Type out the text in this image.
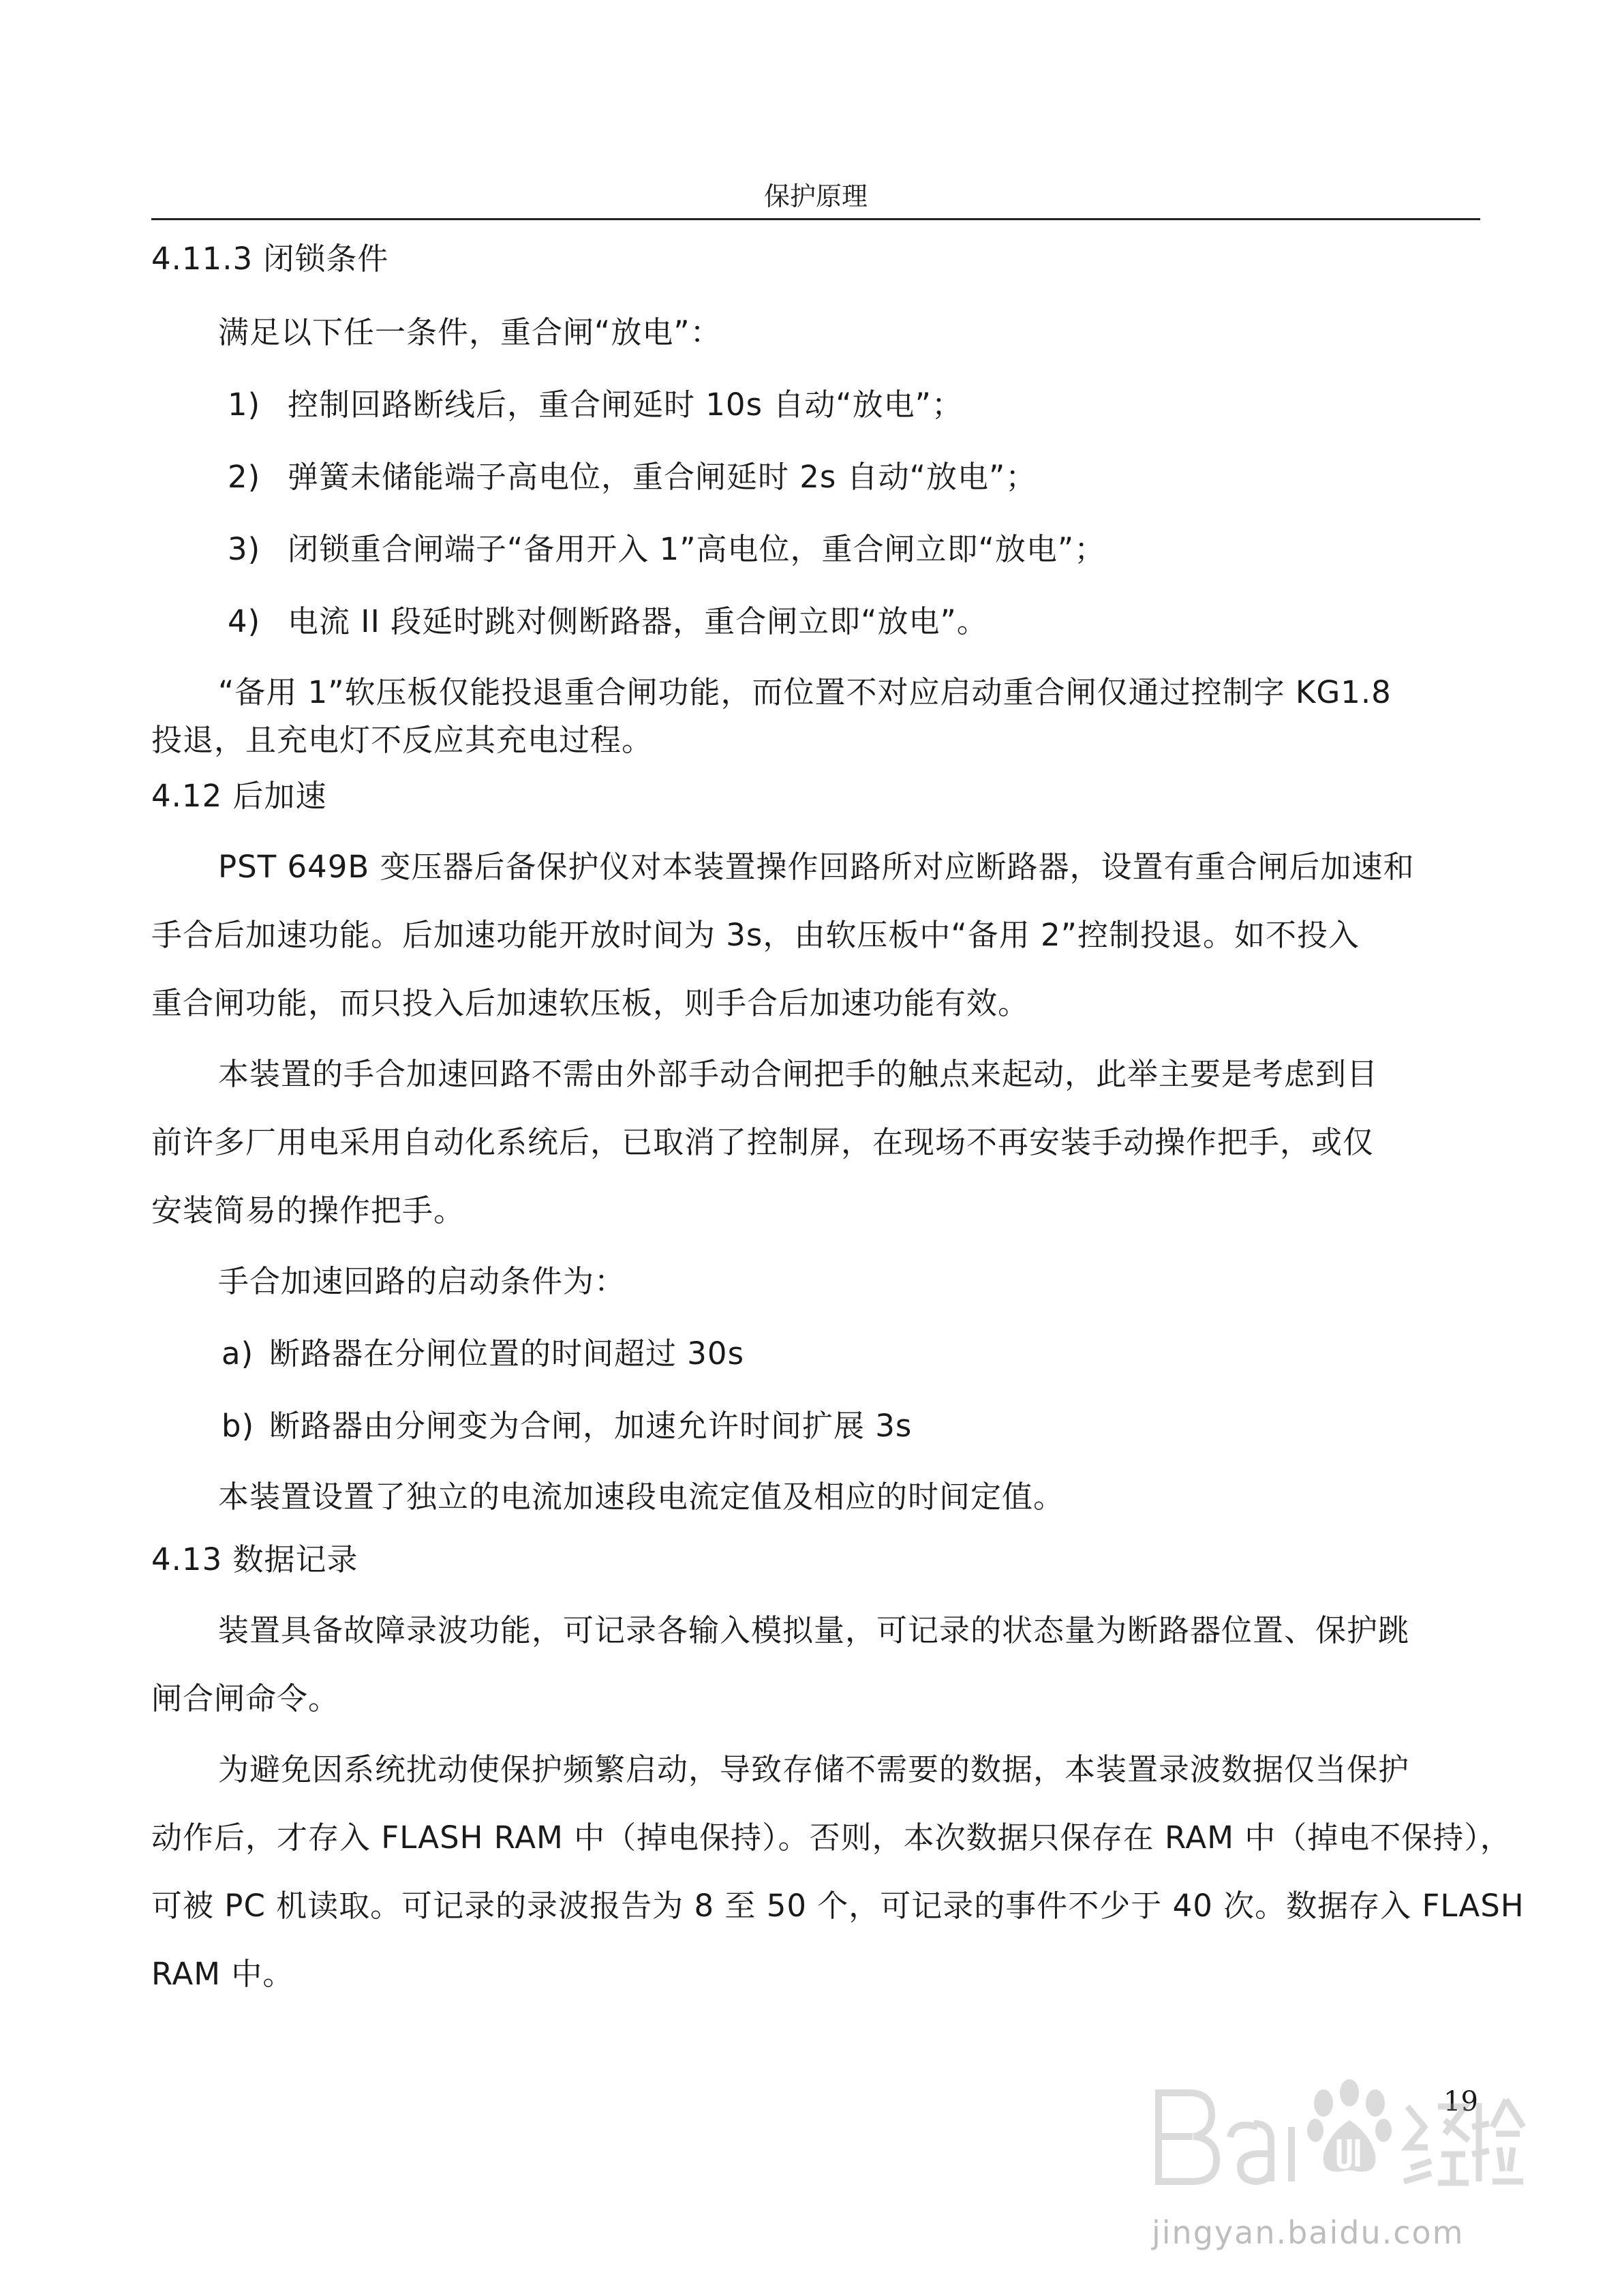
保护原理
4.11.3 闭锁条件
满足以下任一条件，重合闸“放电”：
1) 控制回路断线后，重合闸延时 10s 自动“放电”；
2) 弹簧未储能端子高电位，重合闸延时 2s 自动“放电”；
3) 闭锁重合闸端子“备用开入 1”高电位，重合闸立即“放电”；
4) 电流 II 段延时跳对侧断路器，重合闸立即“放电”。
“备用 1”软压板仅能投退重合闸功能，而位置不对应启动重合闸仅通过控制字 KG1.8
投退，且充电灯不反应其充电过程。
4.12 后加速
PST 649B 变压器后备保护仪对本装置操作回路所对应断路器，设置有重合闸后加速和
手合后加速功能。后加速功能开放时间为 3s，由软压板中“备用 2”控制投退。如不投入
重合闸功能，而只投入后加速软压板，则手合后加速功能有效。
本装置的手合加速回路不需由外部手动合闸把手的触点来起动，此举主要是考虑到目
前许多厂用电采用自动化系统后，已取消了控制屏，在现场不再安装手动操作把手，或仅
安装简易的操作把手。
手合加速回路的启动条件为：
a) 断路器在分闸位置的时间超过 30s
b) 断路器由分闸变为合闸，加速允许时间扩展 3s
本装置设置了独立的电流加速段电流定值及相应的时间定值。
4.13 数据记录
装置具备故障录波功能，可记录各输入模拟量，可记录的状态量为断路器位置、保护跳
闸合闸命令。
为避免因系统扰动使保护频繁启动，导致存储不需要的数据，本装置录波数据仅当保护
动作后，才存入 FLASH RAM 中（掉电保持）。否则，本次数据只保存在 RAM 中（掉电不保持），
可被 PC 机读取。可记录的录波报告为 8 至 50 个，可记录的事件不少于 40 次。数据存入 FLASH
RAM 中。
19
jingyan.baidu.com
